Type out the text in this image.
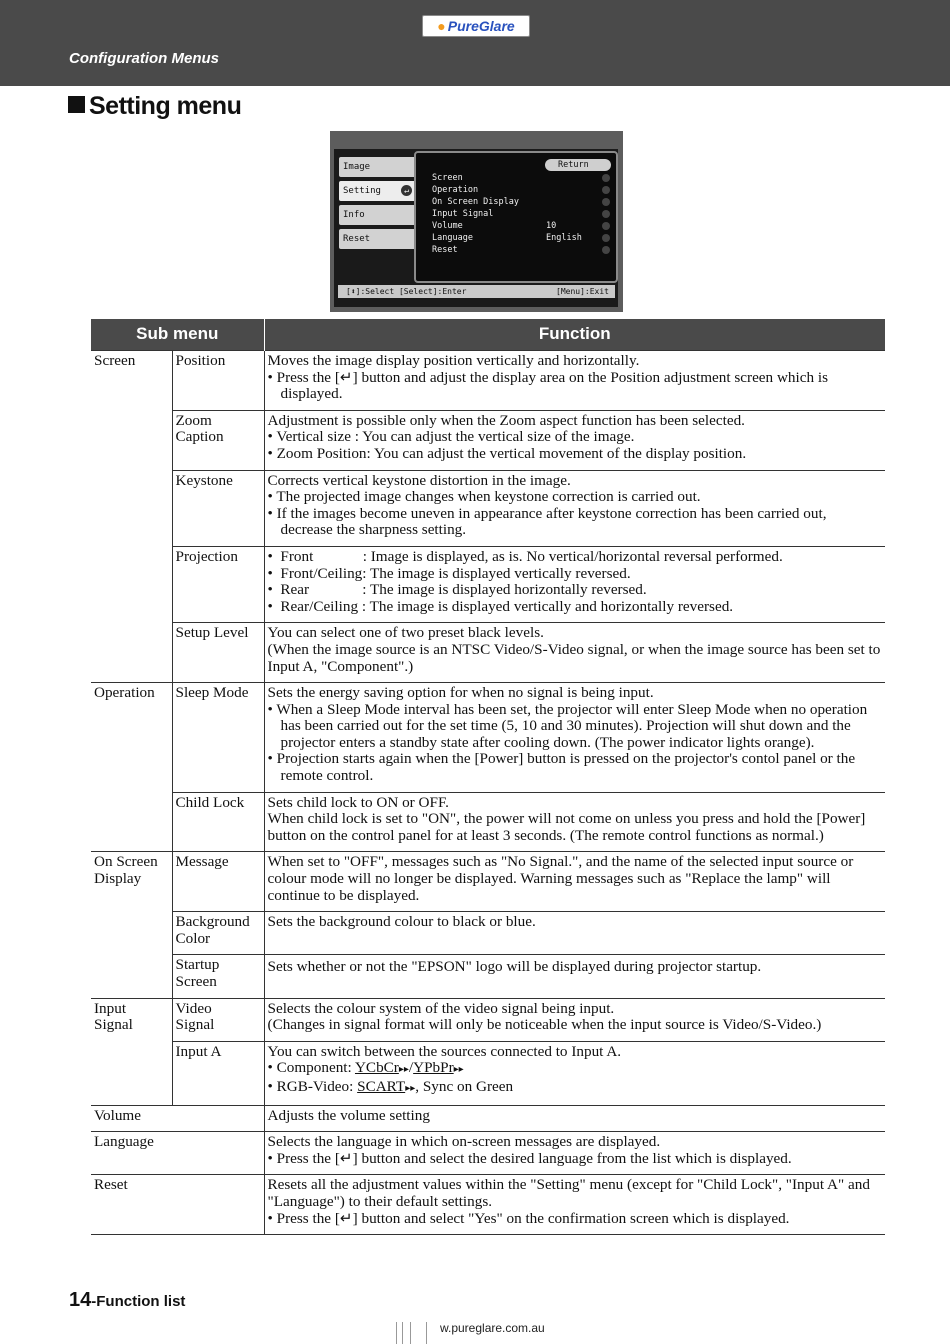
● PureGlare
Configuration Menus
Setting menu
Image
Setting	↵
Info
Reset
Return
Screen
Operation
On Screen Display
Input Signal
Volume	10
Language	English
Reset
[⬍]:Select [Select]:Enter	[Menu]:Exit
Sub menu		Function
Screen	Position	Moves the image display position vertically and horizontally.
• Press the [↵] button and adjust the display area on the Position adjustment screen which is displayed.

	Zoom
Caption	Adjustment is possible only when the Zoom aspect function has been selected.
• Vertical size : You can adjust the vertical size of the image.
• Zoom Position: You can adjust the vertical movement of the display position.

	Keystone	Corrects vertical keystone distortion in the image.
• The projected image changes when keystone correction is carried out.
• If the images become uneven in appearance after keystone correction has been carried out, decrease the sharpness setting.

	Projection	•  Front             : Image is displayed, as is. No vertical/horizontal reversal performed.
•  Front/Ceiling: The image is displayed vertically reversed.
•  Rear              : The image is displayed horizontally reversed.
•  Rear/Ceiling : The image is displayed vertically and horizontally reversed.

	Setup Level	You can select one of two preset black levels.
(When the image source is an NTSC Video/S-Video signal, or when the image source has been set to Input A, "Component".)

Operation	Sleep Mode	Sets the energy saving option for when no signal is being input.
• When a Sleep Mode interval has been set, the projector will enter Sleep Mode when no operation has been carried out for the set time (5, 10 and 30 minutes). Projection will shut down and the projector enters a standby state after cooling down. (The power indicator lights orange).
• Projection starts again when the [Power] button is pressed on the projector's contol panel or the remote control.

	Child Lock	Sets child lock to ON or OFF.
When child lock is set to "ON", the power will not come on unless you press and hold the [Power] button on the control panel for at least 3 seconds. (The remote control functions as normal.)

On Screen
Display	Message	When set to "OFF", messages such as "No Signal.", and the name of the selected input source or colour mode will no longer be displayed. Warning messages such as "Replace the lamp" will continue to be displayed.

	Background
Color	Sets the background colour to black or blue.

	Startup
Screen	Sets whether or not the "EPSON" logo will be displayed during projector startup.

Input
Signal	Video
Signal	Selects the colour system of the video signal being input.
(Changes in signal format will only be noticeable when the input source is Video/S-Video.)

	Input A	You can switch between the sources connected to Input A.
• Component: YCbCr▸▸/YPbPr▸▸
• RGB-Video: SCART▸▸, Sync on Green

Volume		Adjusts the volume setting
Language		Selects the language in which on-screen messages are displayed.
• Press the [↵] button and select the desired language from the list which is displayed.

Reset		Resets all the adjustment values within the "Setting" menu (except for "Child Lock", "Input A" and "Language") to their default settings.
• Press the [↵] button and select "Yes" on the confirmation screen which is displayed.
14-Function list
w.pureglare.com.au
